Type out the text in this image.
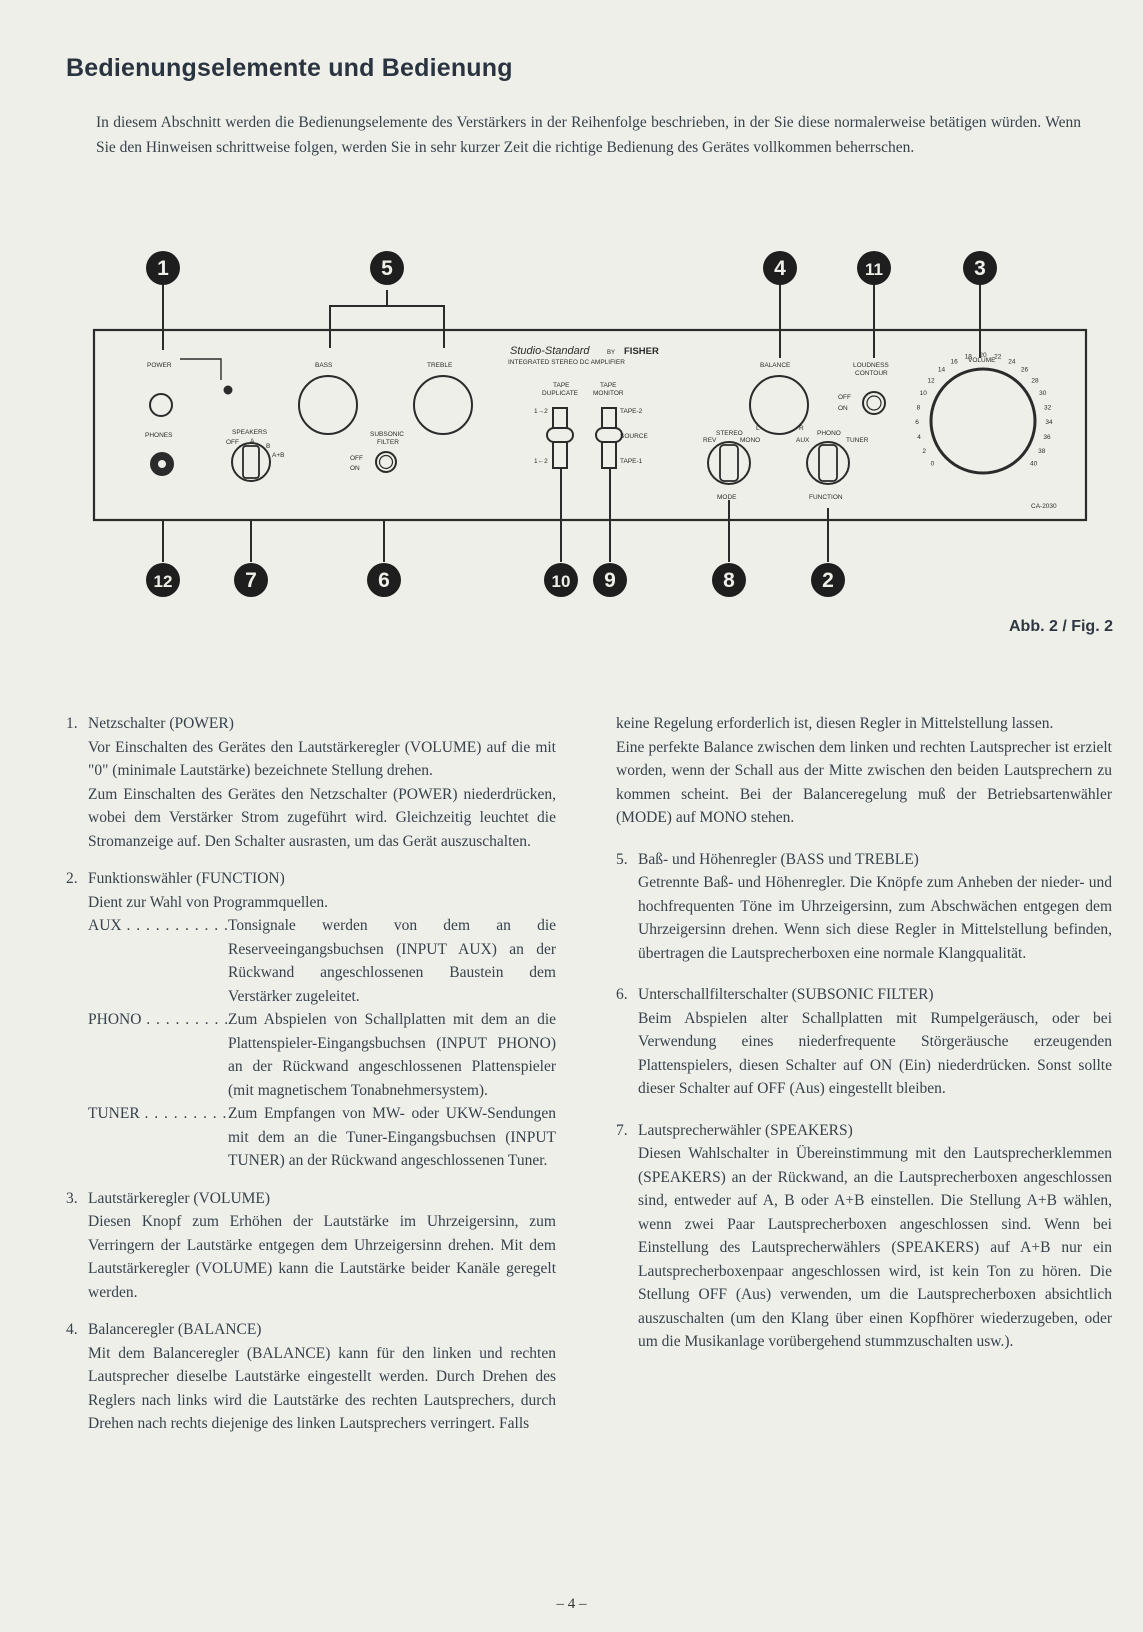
Bedienungselemente und Bedienung

In diesem Abschnitt werden die Bedienungselemente des Verstärkers in der Reihenfolge beschrieben, in der Sie diese normalerweise betätigen würden. Wenn Sie den Hinweisen schrittweise folgen, werden Sie in sehr kurzer Zeit die richtige Bedienung des Gerätes vollkommen beherrschen.

1	5	4	11	3
12	7	6	10 9	8	2
POWER	BASS	TREBLE
PHONES	SPEAKERS
OFF A
B
A+B
SUBSONIC
FILTER
OFF
ON
TAPE
DUPLICATE
TAPE
MONITOR
1→2
1←2
TAPE-2
SOURCE
TAPE-1
BALANCE
L	R
LOUDNESS
CONTOUR
OFF
ON
STEREO
REV	MONO
MODE
PHONO
AUX	TUNER
FUNCTION
VOLUME
CA-2030
Studio-Standard	BY FISHER
INTEGRATED STEREO DC AMPLIFIER
0
2
4
6
8
10
12
14
16
18 20 22
24
26
28
30
32
34
36
38
40
Abb. 2 / Fig. 2
1. Netzschalter (POWER)

Vor Einschalten des Gerätes den Lautstärkeregler (VOLUME) auf die mit "0" (minimale Lautstärke) bezeichnete Stellung drehen.

Zum Einschalten des Gerätes den Netzschalter (POWER) niederdrücken, wobei dem Verstärker Strom zugeführt wird. Gleichzeitig leuchtet die Stromanzeige auf. Den Schalter ausrasten, um das Gerät auszuschalten.

2. Funktionswähler (FUNCTION)

Dient zur Wahl von Programmquellen.

AUX . . .	Tonsignale werden von dem an die Reserveeingangsbuchsen (INPUT AUX) an der Rückwand angeschlossenen Baustein dem Verstärker zugeleitet.
PHONO . . .	Zum Abspielen von Schallplatten mit dem an die Plattenspieler-Eingangsbuchsen (INPUT PHONO) an der Rückwand angeschlossenen Plattenspieler (mit magnetischem Tonabnehmersystem).
TUNER . . .	Zum Empfangen von MW- oder UKW-Sendungen mit dem an die Tuner-Eingangsbuchsen (INPUT TUNER) an der Rückwand angeschlossenen Tuner.
3. Lautstärkeregler (VOLUME)

Diesen Knopf zum Erhöhen der Lautstärke im Uhrzeigersinn, zum Verringern der Lautstärke entgegen dem Uhrzeigersinn drehen. Mit dem Lautstärkeregler (VOLUME) kann die Lautstärke beider Kanäle geregelt werden.

4. Balanceregler (BALANCE)

Mit dem Balanceregler (BALANCE) kann für den linken und rechten Lautsprecher dieselbe Lautstärke eingestellt werden. Durch Drehen des Reglers nach links wird die Lautstärke des rechten Lautsprechers, durch Drehen nach rechts diejenige des linken Lautsprechers verringert. Falls

keine Regelung erforderlich ist, diesen Regler in Mittelstellung lassen.

Eine perfekte Balance zwischen dem linken und rechten Lautsprecher ist erzielt worden, wenn der Schall aus der Mitte zwischen den beiden Lautsprechern zu kommen scheint. Bei der Balanceregelung muß der Betriebsartenwähler (MODE) auf MONO stehen.

5. Baß- und Höhenregler (BASS und TREBLE)

Getrennte Baß- und Höhenregler. Die Knöpfe zum Anheben der nieder- und hochfrequenten Töne im Uhrzeigersinn, zum Abschwächen entgegen dem Uhrzeigersinn drehen. Wenn sich diese Regler in Mittelstellung befinden, übertragen die Lautsprecherboxen eine normale Klangqualität.

6. Unterschallfilterschalter (SUBSONIC FILTER)

Beim Abspielen alter Schallplatten mit Rumpelgeräusch, oder bei Verwendung eines niederfrequente Störgeräusche erzeugenden Plattenspielers, diesen Schalter auf ON (Ein) niederdrücken. Sonst sollte dieser Schalter auf OFF (Aus) eingestellt bleiben.

7. Lautsprecherwähler (SPEAKERS)

Diesen Wahlschalter in Übereinstimmung mit den Lautsprecherklemmen (SPEAKERS) an der Rückwand, an die Lautsprecherboxen angeschlossen sind, entweder auf A, B oder A+B einstellen. Die Stellung A+B wählen, wenn zwei Paar Lautsprecherboxen angeschlossen sind. Wenn bei Einstellung des Lautsprecherwählers (SPEAKERS) auf A+B nur ein Lautsprecherboxenpaar angeschlossen wird, ist kein Ton zu hören. Die Stellung OFF (Aus) verwenden, um die Lautsprecherboxen absichtlich auszuschalten (um den Klang über einen Kopfhörer wiederzugeben, oder um die Musikanlage vorübergehend stummzuschalten usw.).

– 4 –
